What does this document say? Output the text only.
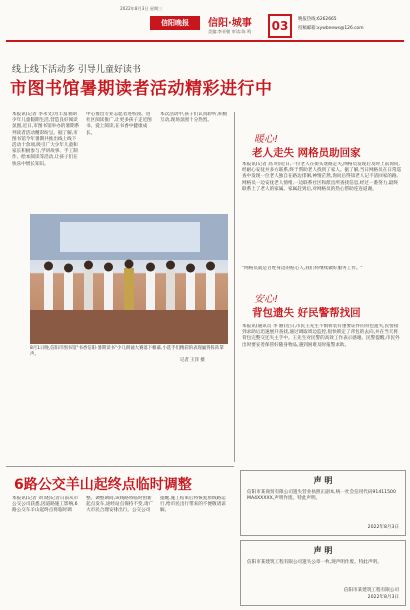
2022年8月3日 星期三
信阳晚报	信阳·城事
美编:李亚朝 审读:陈 鸣	03	晚报热线:6262665
投稿邮箱:xywbnews@126.com
线上线下活动多 引导儿童好读书
市图书馆暑期读者活动精彩进行中
本报讯(记者 李永文)为丰富暑期少年儿童假期生活,营造良好阅读氛围,近日,市图书馆举办的暑期系列读者活动精彩纷呈。据了解,市图书馆今年暑期共推出线上线下活动十余项,吸引广大少年儿童和家长积极参与,学讲故事、手工制作、绘本阅读等活动,让孩子们在快乐中增长知识。
中心推出专业志愿者进校园、进社区阅读推广,让更多孩子走近图书、爱上阅读,在书香中健康成长。
本次活动中,孩子们认真聆听,积极互动,现场氛围十分热烈。
8月1日晚,信阳市图书馆"书香信阳·暑期读书"少儿朗诵大赛落下帷幕,小选手们精彩的表现赢得阵阵掌声。
记者 王洋 摄
暖心!
老人走失 网格员助回家
本报讯(记者 高 明)近日,一位老人在街头迷路走失,网格员发现后及时上前询问,经耐心安抚并多方联系,终于帮助老人找到了家人。据了解,当日网格员在日常巡查中发现一位老人独自在路边徘徊,神情茫然,询问后得知老人记不清回家的路。网格员一边安抚老人情绪,一边联系社区和派出所查找信息,经过一番努力,最终联系上了老人的家属。家属赶到后,对网格员的热心帮助连连道谢。
"网格员就是百姓身边的贴心人,我们将继续做好服务工作。"
安心!
背包遗失 好民警帮找回
本报讯(通讯员 李 丽)近日,市民王先生不慎将装有重要证件的背包遗失,民警接到求助后迅速展开查找,通过调取周边监控,很快锁定了背包的去向,并在当天将背包完整交还失主手中。王先生对民警的高效工作表示感谢。民警提醒,市民外出时要妥善保管好随身物品,遇到困难及时报警求助。
6路公交羊山起终点临时调整
本报讯(记者 刘 晓)记者日前从市公交公司获悉,因道路施工影响,6路公交车羊山起终点将临时调整。调整期间,该线路将临时由新起点发车,途经站点保持不变,请广大市民合理安排出行。公交公司提醒,施工结束后将恢复原线路运行,给市民出行带来的不便敬请谅解。
声 明
信阳市某商贸有限公司遗失营业执照正副本,统一社会信用代码91411500MA4XXXXX,声明作废。特此声明。
2022年8月3日
声 明
信阳市某建筑工程有限公司遗失公章一枚,现声明作废。特此声明。
信阳市某建筑工程有限公司
2022年8月3日
